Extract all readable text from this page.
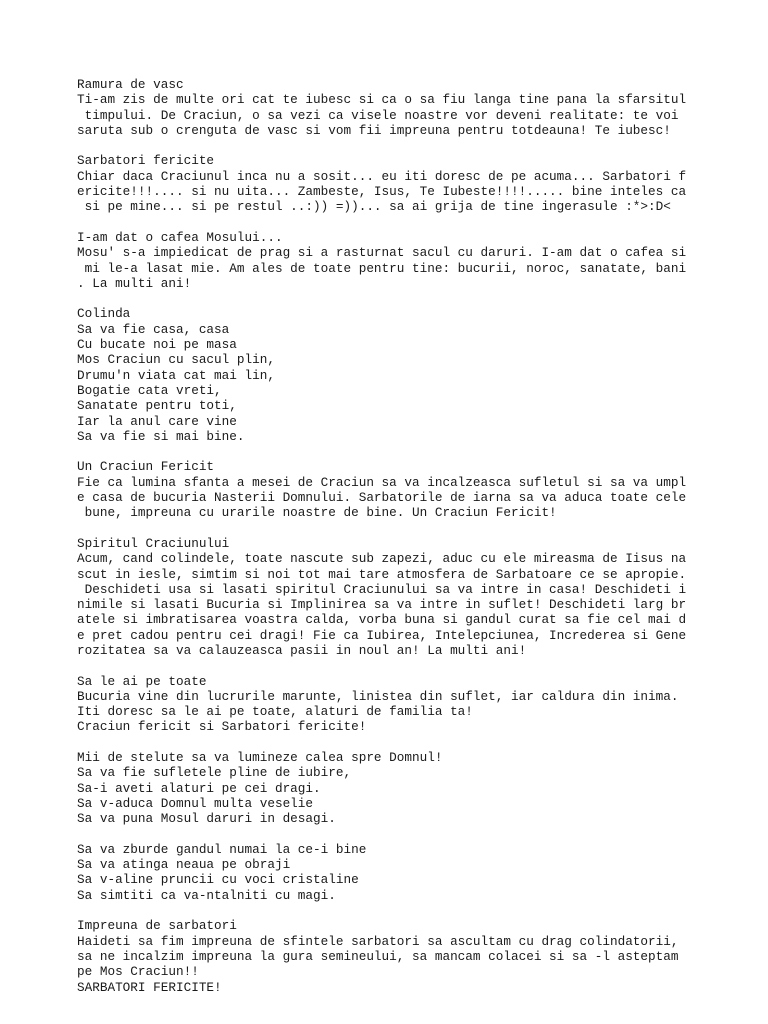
Ramura de vasc
Ti-am zis de multe ori cat te iubesc si ca o sa fiu langa tine pana la sfarsitul
timpului. De Craciun, o sa vezi ca visele noastre vor deveni realitate: te voi
saruta sub o crenguta de vasc si vom fii impreuna pentru totdeauna! Te iubesc!
Sarbatori fericite
Chiar daca Craciunul inca nu a sosit... eu iti doresc de pe acuma... Sarbatori f
ericite!!!.... si nu uita... Zambeste, Isus, Te Iubeste!!!!..... bine inteles ca
si pe mine... si pe restul ..:)) =))... sa ai grija de tine ingerasule :*>:D<
I-am dat o cafea Mosului...
Mosu' s-a impiedicat de prag si a rasturnat sacul cu daruri. I-am dat o cafea si
mi le-a lasat mie. Am ales de toate pentru tine: bucurii, noroc, sanatate, bani
. La multi ani!
Colinda
Sa va fie casa, casa
Cu bucate noi pe masa
Mos Craciun cu sacul plin,
Drumu'n viata cat mai lin,
Bogatie cata vreti,
Sanatate pentru toti,
Iar la anul care vine
Sa va fie si mai bine.
Un Craciun Fericit
Fie ca lumina sfanta a mesei de Craciun sa va incalzeasca sufletul si sa va umpl
e casa de bucuria Nasterii Domnului. Sarbatorile de iarna sa va aduca toate cele
bune, impreuna cu urarile noastre de bine. Un Craciun Fericit!
Spiritul Craciunului
Acum, cand colindele, toate nascute sub zapezi, aduc cu ele mireasma de Iisus na
scut in iesle, simtim si noi tot mai tare atmosfera de Sarbatoare ce se apropie.
Deschideti usa si lasati spiritul Craciunului sa va intre in casa! Deschideti i
nimile si lasati Bucuria si Implinirea sa va intre in suflet! Deschideti larg br
atele si imbratisarea voastra calda, vorba buna si gandul curat sa fie cel mai d
e pret cadou pentru cei dragi! Fie ca Iubirea, Intelepciunea, Increderea si Gene
rozitatea sa va calauzeasca pasii in noul an! La multi ani!
Sa le ai pe toate
Bucuria vine din lucrurile marunte, linistea din suflet, iar caldura din inima.
Iti doresc sa le ai pe toate, alaturi de familia ta!
Craciun fericit si Sarbatori fericite!
Mii de stelute sa va lumineze calea spre Domnul!
Sa va fie sufletele pline de iubire,
Sa-i aveti alaturi pe cei dragi.
Sa v-aduca Domnul multa veselie
Sa va puna Mosul daruri in desagi.
Sa va zburde gandul numai la ce-i bine
Sa va atinga neaua pe obraji
Sa v-aline pruncii cu voci cristaline
Sa simtiti ca va-ntalniti cu magi.
Impreuna de sarbatori
Haideti sa fim impreuna de sfintele sarbatori sa ascultam cu drag colindatorii,
sa ne incalzim impreuna la gura semineului, sa mancam colacei si sa -l asteptam
pe Mos Craciun!!
SARBATORI FERICITE!
